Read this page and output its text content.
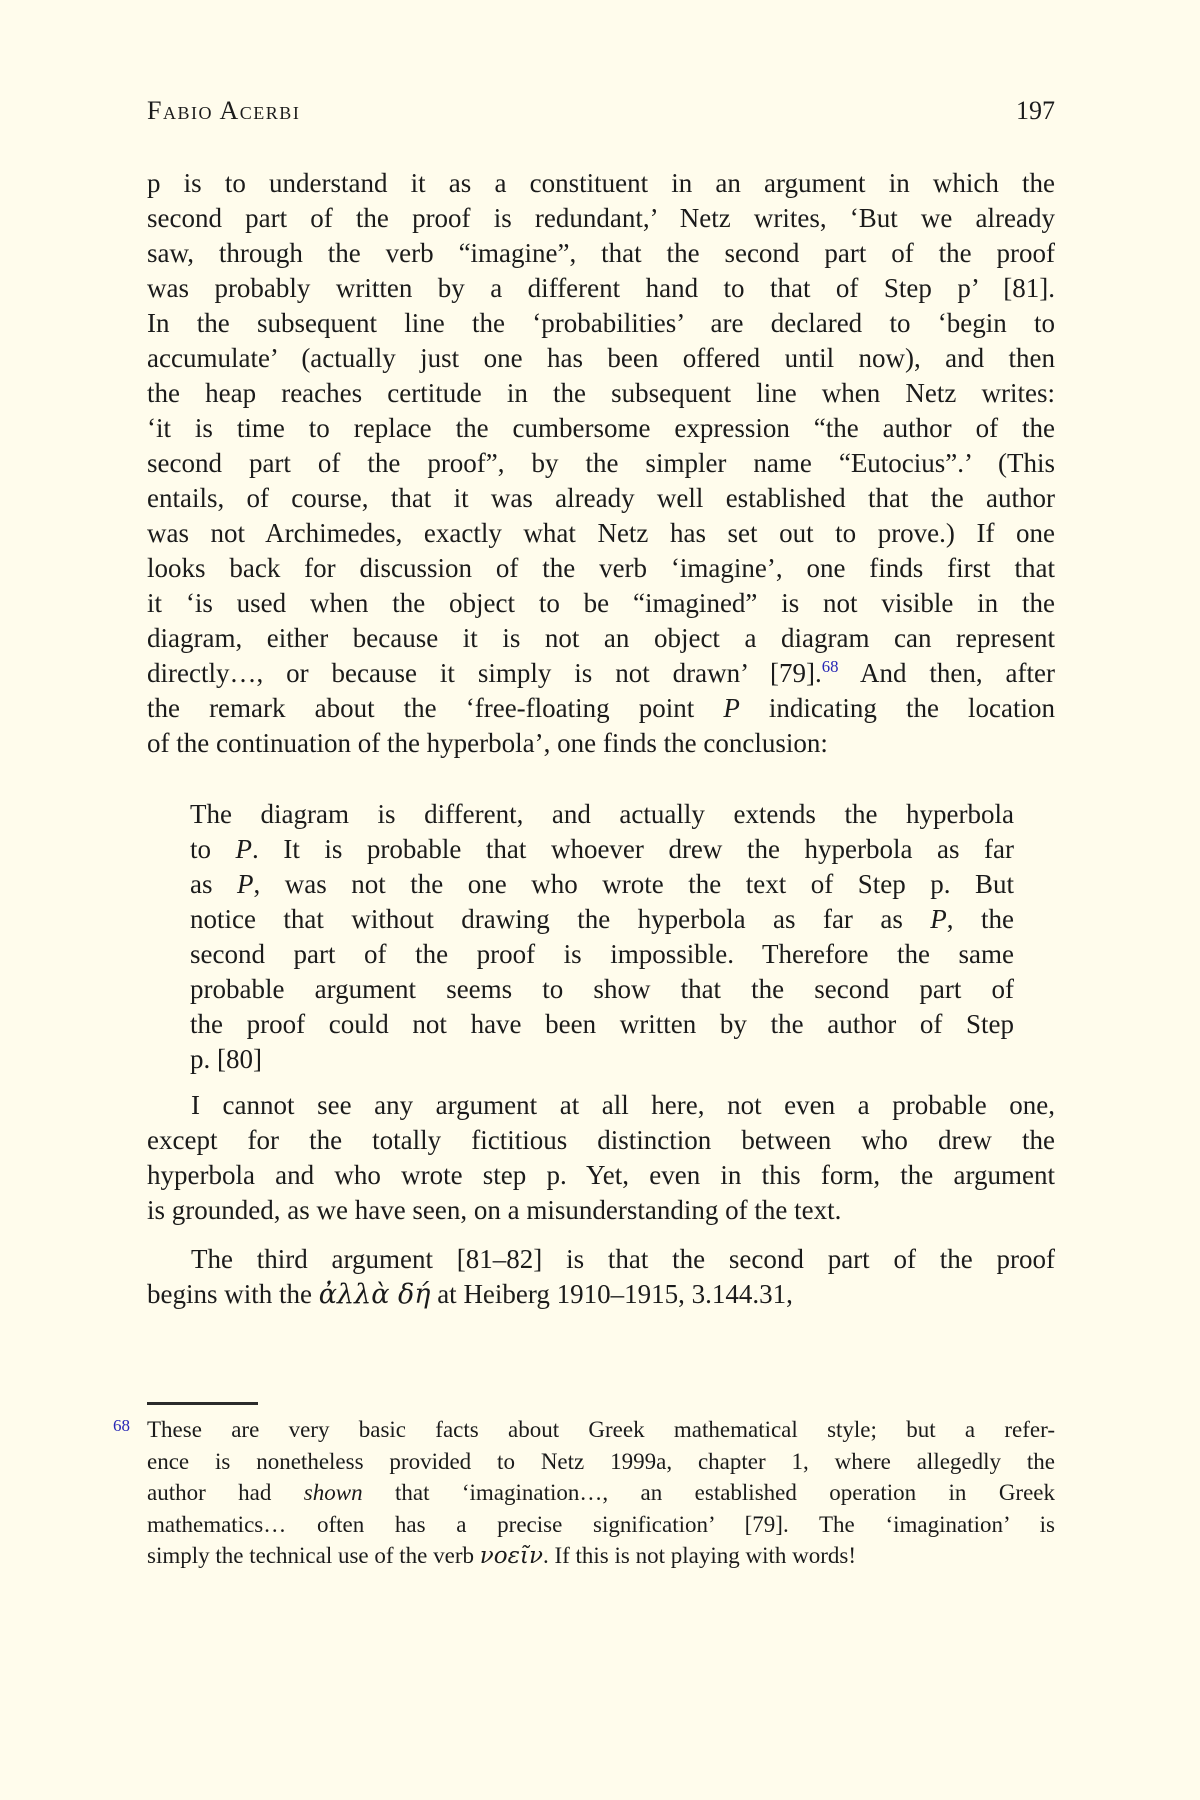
Fabio Acerbi	197
p is to understand it as a constituent in an argument in which the
second part of the proof is redundant,’ Netz writes, ‘But we already
saw, through the verb “imagine”, that the second part of the proof
was probably written by a different hand to that of Step p’ [81].
In the subsequent line the ‘probabilities’ are declared to ‘begin to
accumulate’ (actually just one has been offered until now), and then
the heap reaches certitude in the subsequent line when Netz writes:
‘it is time to replace the cumbersome expression “the author of the
second part of the proof”, by the simpler name “Eutocius”.’ (This
entails, of course, that it was already well established that the author
was not Archimedes, exactly what Netz has set out to prove.) If one
looks back for discussion of the verb ‘imagine’, one finds first that
it ‘is used when the object to be “imagined” is not visible in the
diagram, either because it is not an object a diagram can represent
directly…, or because it simply is not drawn’ [79].$^{68}$ And then, after
the remark about the ‘free-floating point P indicating the location
of the continuation of the hyperbola’, one finds the conclusion:
The diagram is different, and actually extends the hyperbola
to P. It is probable that whoever drew the hyperbola as far
as P, was not the one who wrote the text of Step p. But
notice that without drawing the hyperbola as far as P, the
second part of the proof is impossible. Therefore the same
probable argument seems to show that the second part of
the proof could not have been written by the author of Step
p. [80]
I cannot see any argument at all here, not even a probable one,
except for the totally fictitious distinction between who drew the
hyperbola and who wrote step p. Yet, even in this form, the argument
is grounded, as we have seen, on a misunderstanding of the text.
The third argument [81–82] is that the second part of the proof
begins with the ἀλλὰ δή at Heiberg 1910–1915, 3.144.31,
68 These are very basic facts about Greek mathematical style; but a refer-
ence is nonetheless provided to Netz 1999a, chapter 1, where allegedly the
author had shown that ‘imagination…, an established operation in Greek
mathematics… often has a precise signification’ [79]. The ‘imagination’ is
simply the technical use of the verb νοεῖν. If this is not playing with words!
